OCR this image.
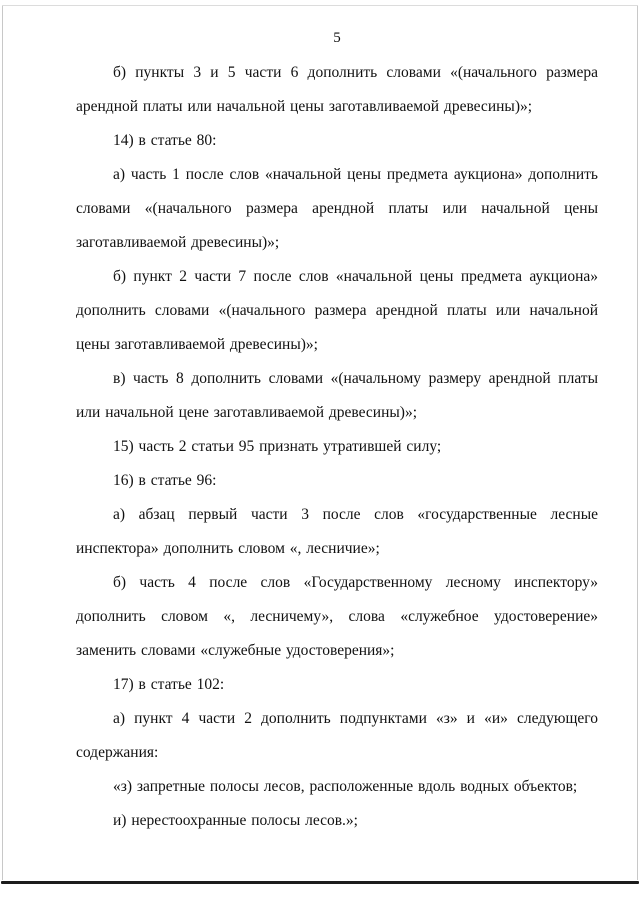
5

б) пункты 3 и 5 части 6 дополнить словами «(начального размера арендной платы или начальной цены заготавливаемой древесины)»;

14) в статье 80:

а) часть 1 после слов «начальной цены предмета аукциона» дополнить словами «(начального размера арендной платы или начальной цены заготавливаемой древесины)»;

б) пункт 2 части 7 после слов «начальной цены предмета аукциона» дополнить словами «(начального размера арендной платы или начальной цены заготавливаемой древесины)»;

в) часть 8 дополнить словами «(начальному размеру арендной платы или начальной цене заготавливаемой древесины)»;

15) часть 2 статьи 95 признать утратившей силу;

16) в статье 96:

а) абзац первый части 3 после слов «государственные лесные инспектора» дополнить словом «, лесничие»;

б) часть 4 после слов «Государственному лесному инспектору» дополнить словом «, лесничему», слова «служебное удостоверение» заменить словами «служебные удостоверения»;

17) в статье 102:

а) пункт 4 части 2 дополнить подпунктами «з» и «и» следующего содержания:

«з) запретные полосы лесов, расположенные вдоль водных объектов;

и) нерестоохранные полосы лесов.»;
